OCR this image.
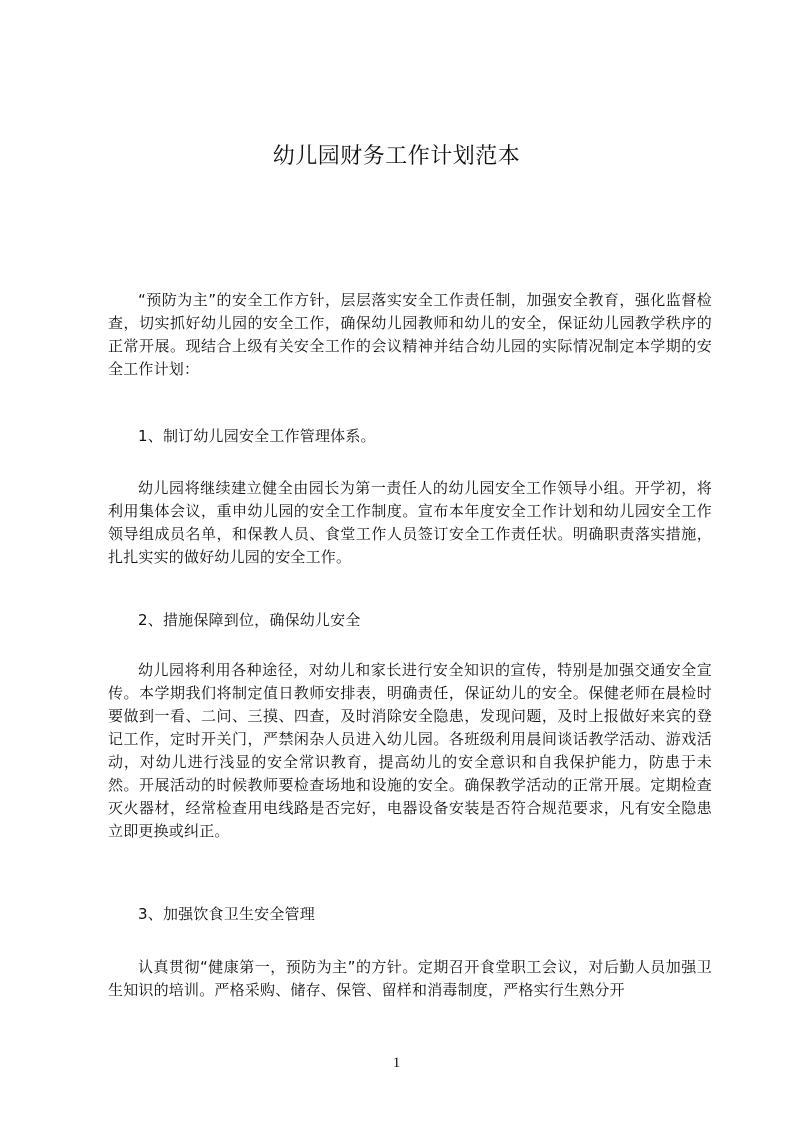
幼儿园财务工作计划范本

“预防为主”的安全工作方针，层层落实安全工作责任制，加强安全教育，强化监督检查，切实抓好幼儿园的安全工作，确保幼儿园教师和幼儿的安全，保证幼儿园教学秩序的正常开展。现结合上级有关安全工作的会议精神并结合幼儿园的实际情况制定本学期的安全工作计划：

1、制订幼儿园安全工作管理体系。

幼儿园将继续建立健全由园长为第一责任人的幼儿园安全工作领导小组。开学初，将利用集体会议，重申幼儿园的安全工作制度。宣布本年度安全工作计划和幼儿园安全工作领导组成员名单，和保教人员、食堂工作人员签订安全工作责任状。明确职责落实措施，扎扎实实的做好幼儿园的安全工作。

2、措施保障到位，确保幼儿安全

幼儿园将利用各种途径，对幼儿和家长进行安全知识的宣传，特别是加强交通安全宣传。本学期我们将制定值日教师安排表，明确责任，保证幼儿的安全。保健老师在晨检时要做到一看、二问、三摸、四查，及时消除安全隐患，发现问题，及时上报做好来宾的登记工作，定时开关门，严禁闲杂人员进入幼儿园。各班级利用晨间谈话教学活动、游戏活动，对幼儿进行浅显的安全常识教育，提高幼儿的安全意识和自我保护能力，防患于未然。开展活动的时候教师要检查场地和设施的安全。确保教学活动的正常开展。定期检查灭火器材，经常检查用电线路是否完好，电器设备安装是否符合规范要求，凡有安全隐患立即更换或纠正。

3、加强饮食卫生安全管理

认真贯彻“健康第一，预防为主”的方针。定期召开食堂职工会议，对后勤人员加强卫生知识的培训。严格采购、储存、保管、留样和消毒制度，严格实行生熟分开

1
